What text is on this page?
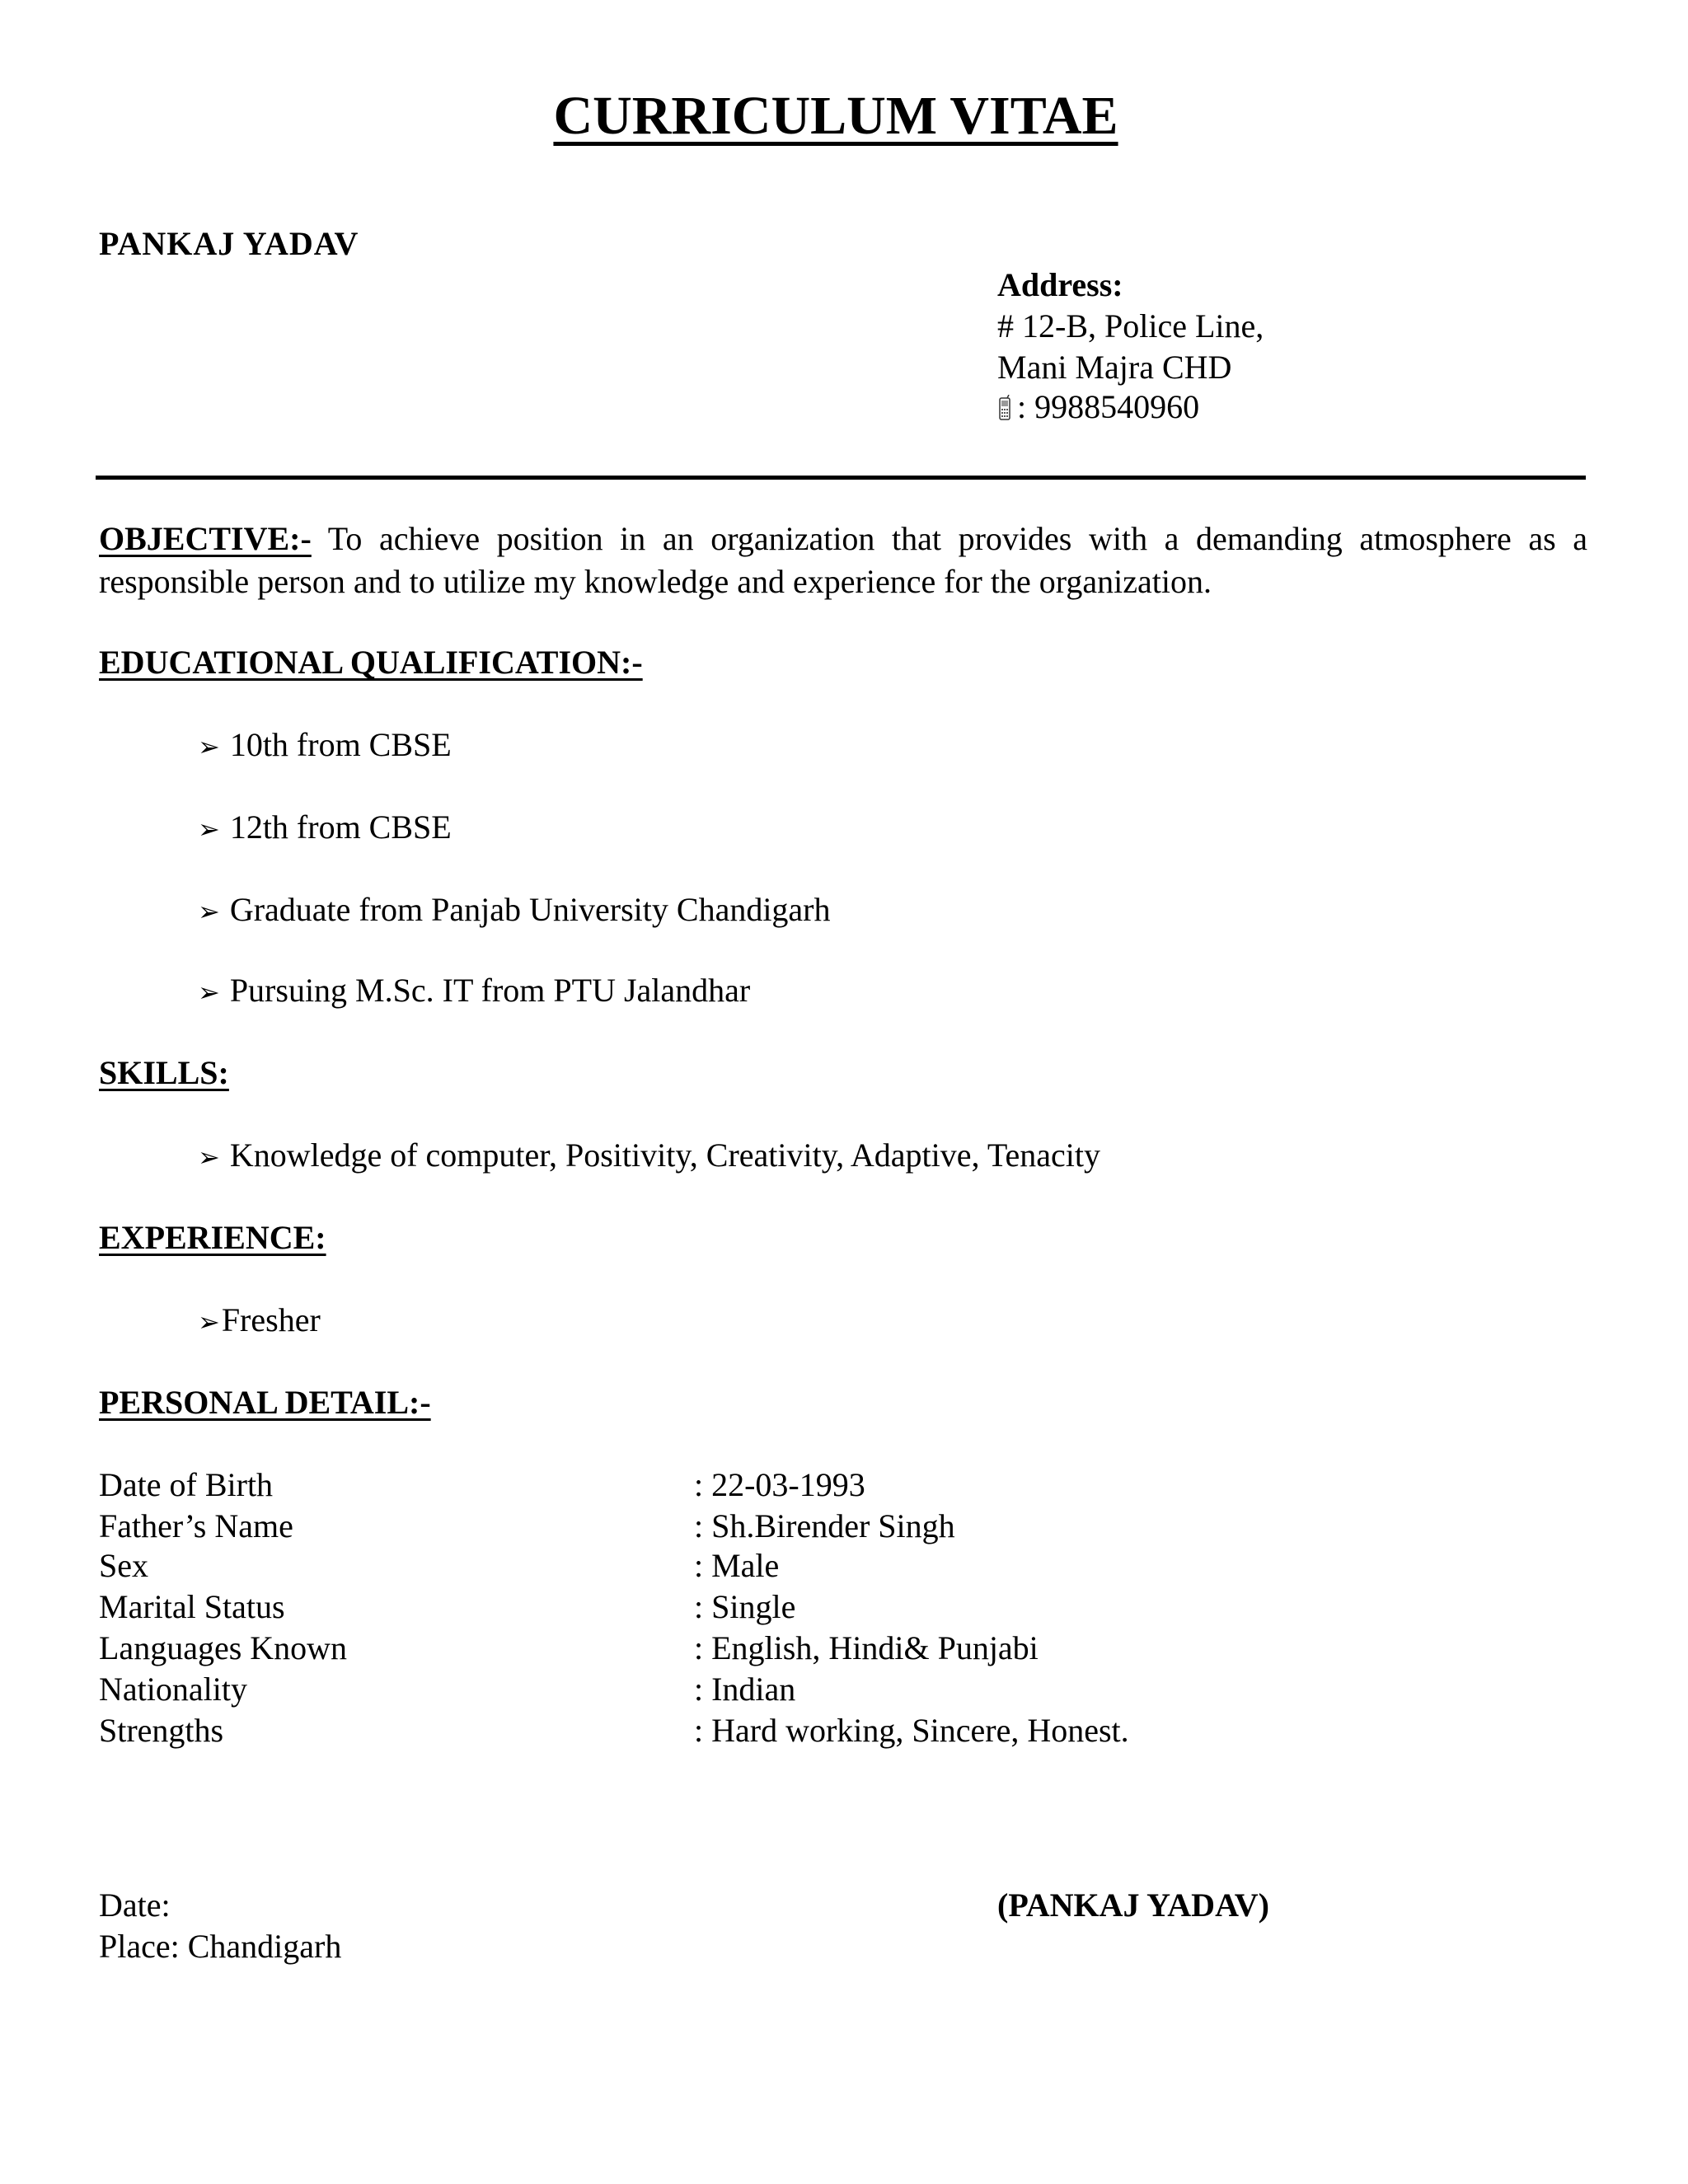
CURRICULUM VITAE
PANKAJ YADAV
Address:
# 12-B, Police Line,
Mani Majra CHD
: 9988540960
OBJECTIVE:- To achieve position in an organization that provides with a demanding atmosphere as a responsible person and to utilize my knowledge and experience for the organization.
EDUCATIONAL QUALIFICATION:-
➢ 10th from CBSE
➢ 12th from CBSE
➢ Graduate from Panjab University Chandigarh
➢ Pursuing M.Sc. IT from PTU Jalandhar
SKILLS:
➢ Knowledge of computer, Positivity, Creativity, Adaptive, Tenacity
EXPERIENCE:
➢Fresher
PERSONAL DETAIL:-
Date of Birth	: 22-03-1993
Father’s Name	: Sh.Birender Singh
Sex	: Male
Marital Status	: Single
Languages Known	: English, Hindi& Punjabi
Nationality	: Indian
Strengths	: Hard working, Sincere, Honest.
Date:	(PANKAJ YADAV)
Place: Chandigarh
